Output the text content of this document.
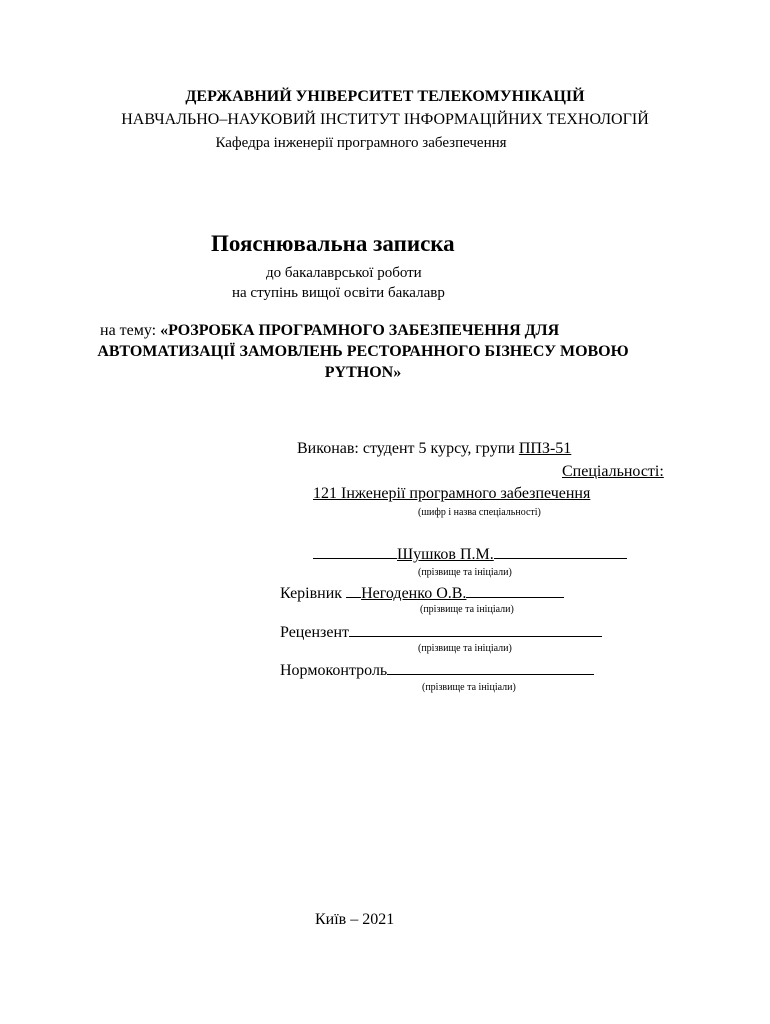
ДЕРЖАВНИЙ УНІВЕРСИТЕТ ТЕЛЕКОМУНІКАЦІЙ
НАВЧАЛЬНО–НАУКОВИЙ ІНСТИТУТ ІНФОРМАЦІЙНИХ ТЕХНОЛОГІЙ
Кафедра інженерії програмного забезпечення
Пояснювальна записка
до бакалаврської роботи
на ступінь вищої освіти бакалавр
на тему: «РОЗРОБКА ПРОГРАМНОГО ЗАБЕЗПЕЧЕННЯ ДЛЯ
АВТОМАТИЗАЦІЇ ЗАМОВЛЕНЬ РЕСТОРАННОГО БІЗНЕСУ МОВОЮ
PYTHON»
Виконав: студент 5 курсу, групи ППЗ-51
Спеціальності:
121 Інженерії програмного забезпечення
(шифр і назва спеціальності)
Шушков П.М.
(прізвище та ініціали)
Керівник Негоденко О.В.
(прізвище та ініціали)
Рецензент
(прізвище та ініціали)
Нормоконтроль
(прізвище та ініціали)
Київ – 2021
